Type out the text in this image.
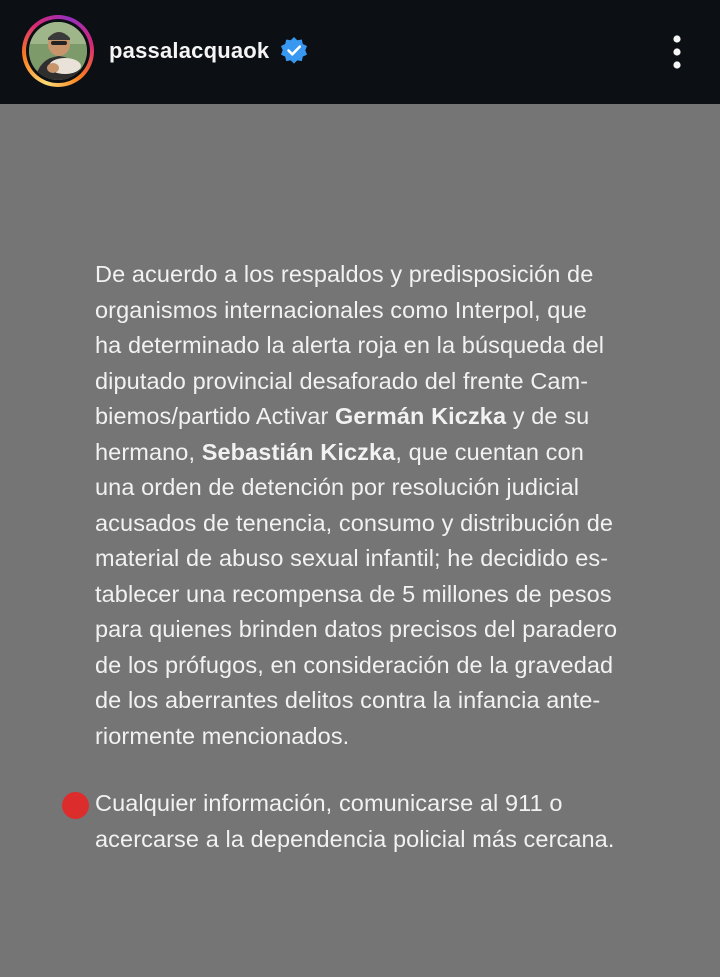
passalacquaok
De acuerdo a los respaldos y predisposición de
organismos internacionales como Interpol, que
ha determinado la alerta roja en la búsqueda del
diputado provincial desaforado del frente Cam-
biemos/partido Activar Germán Kiczka y de su
hermano, Sebastián Kiczka, que cuentan con
una orden de detención por resolución judicial
acusados de tenencia, consumo y distribución de
material de abuso sexual infantil; he decidido es-
tablecer una recompensa de 5 millones de pesos
para quienes brinden datos precisos del paradero
de los prófugos, en consideración de la gravedad
de los aberrantes delitos contra la infancia ante-
riormente mencionados.
Cualquier información, comunicarse al 911 o
acercarse a la dependencia policial más cercana.
